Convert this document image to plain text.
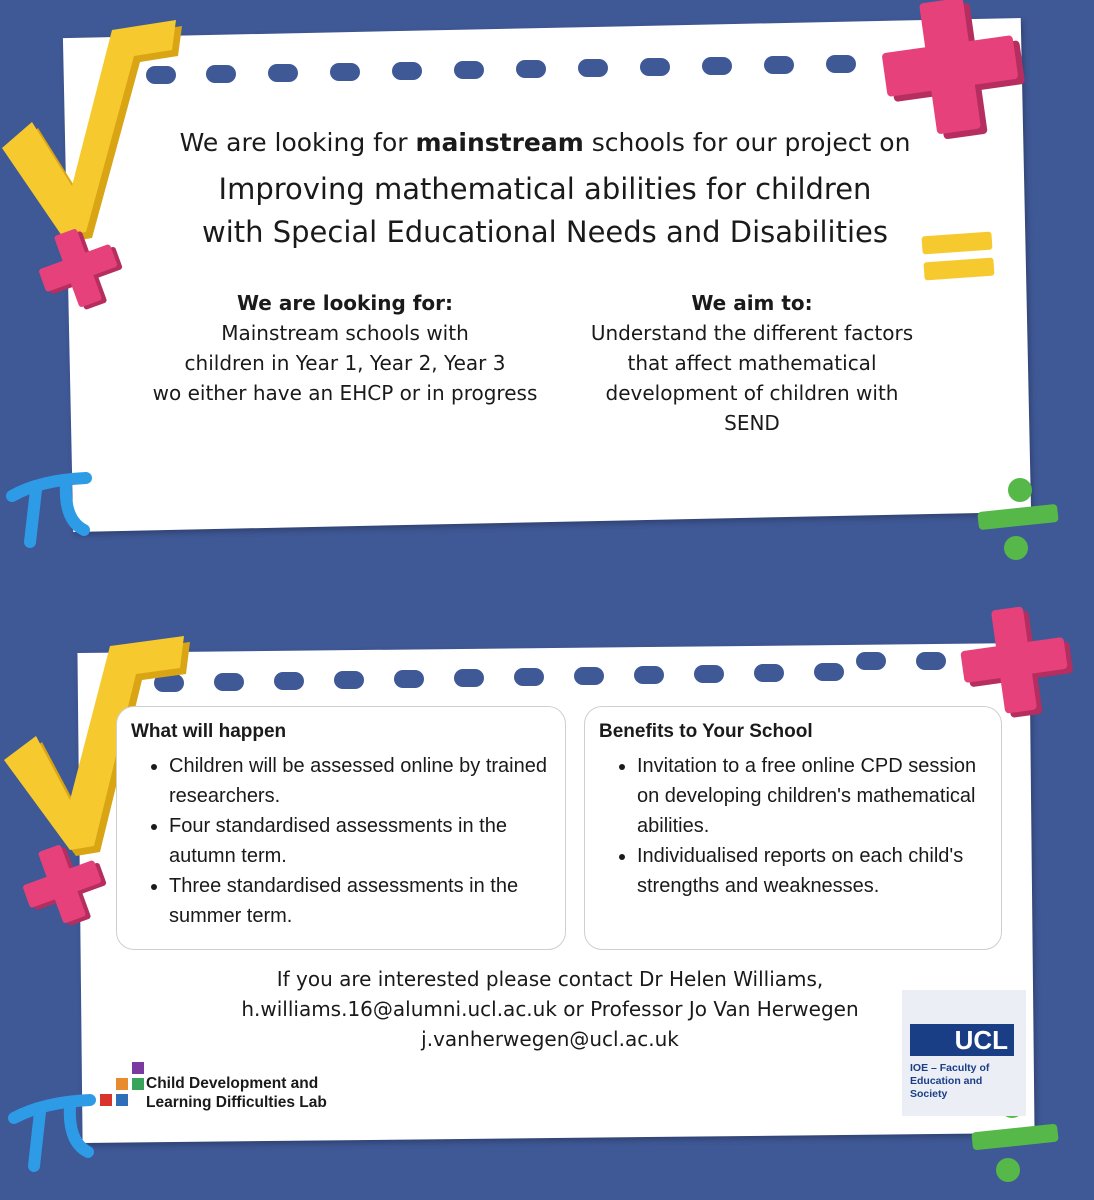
We are looking for mainstream schools for our project on
Improving mathematical abilities for children
with Special Educational Needs and Disabilities
We are looking for:
Mainstream schools with
children in Year 1, Year 2, Year 3
wo either have an EHCP or in progress
We aim to:
Understand the different factors
that affect mathematical
development of children with
SEND
What will happen
• Children will be assessed online by trained researchers.
• Four standardised assessments in the autumn term.
• Three standardised assessments in the summer term.
Benefits to Your School
• Invitation to a free online CPD session on developing children's mathematical abilities.
• Individualised reports on each child's strengths and weaknesses.
If you are interested please contact Dr Helen Williams,
h.williams.16@alumni.ucl.ac.uk or Professor Jo Van Herwegen
j.vanherwegen@ucl.ac.uk
Child Development and
Learning Difficulties Lab
UCL
IOE – Faculty of Education and Society
